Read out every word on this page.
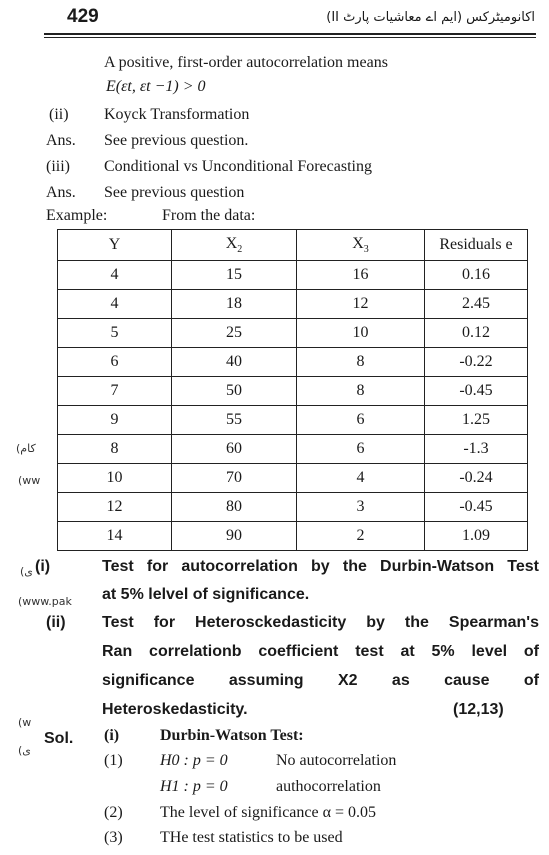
429	اکانومیٹرکس (ایم اے معاشیات پارٹ II)
A positive, first-order autocorrelation means
E(εt, εt −1) > 0
(ii) Koyck Transformation
Ans. See previous question.
(iii) Conditional vs Unconditional Forecasting
Ans. See previous question
Example:	From the data:
Y	$X_2$	$X_3$	Residuals e
4	15	16	0.16
4	18	12	2.45
5	25	10	0.12
6	40	8	-0.22
7	50	8	-0.45
9	55	6	1.25
8	60	6	-1.3
10	70	4	-0.24
12	80	3	-0.45
14	90	2	1.09
(کام
(ww
(ی
(www.pak
(w
(ی
(i)	Test for autocorrelation by the Durbin-Watson Test
at 5% lelvel of significance.
(ii) Test for Heterosckedasticity by the Spearman's
Ran correlationb coefficient test at 5% level of
significance assuming X2 as cause of
Heteroskedasticity.	(12,13)
Sol. (i)	Durbin-Watson Test:
(1) H0 : p = 0	No autocorrelation
H1 : p = 0	authocorrelation
(2) The level of significance α = 0.05
(3) THe test statistics to be used
